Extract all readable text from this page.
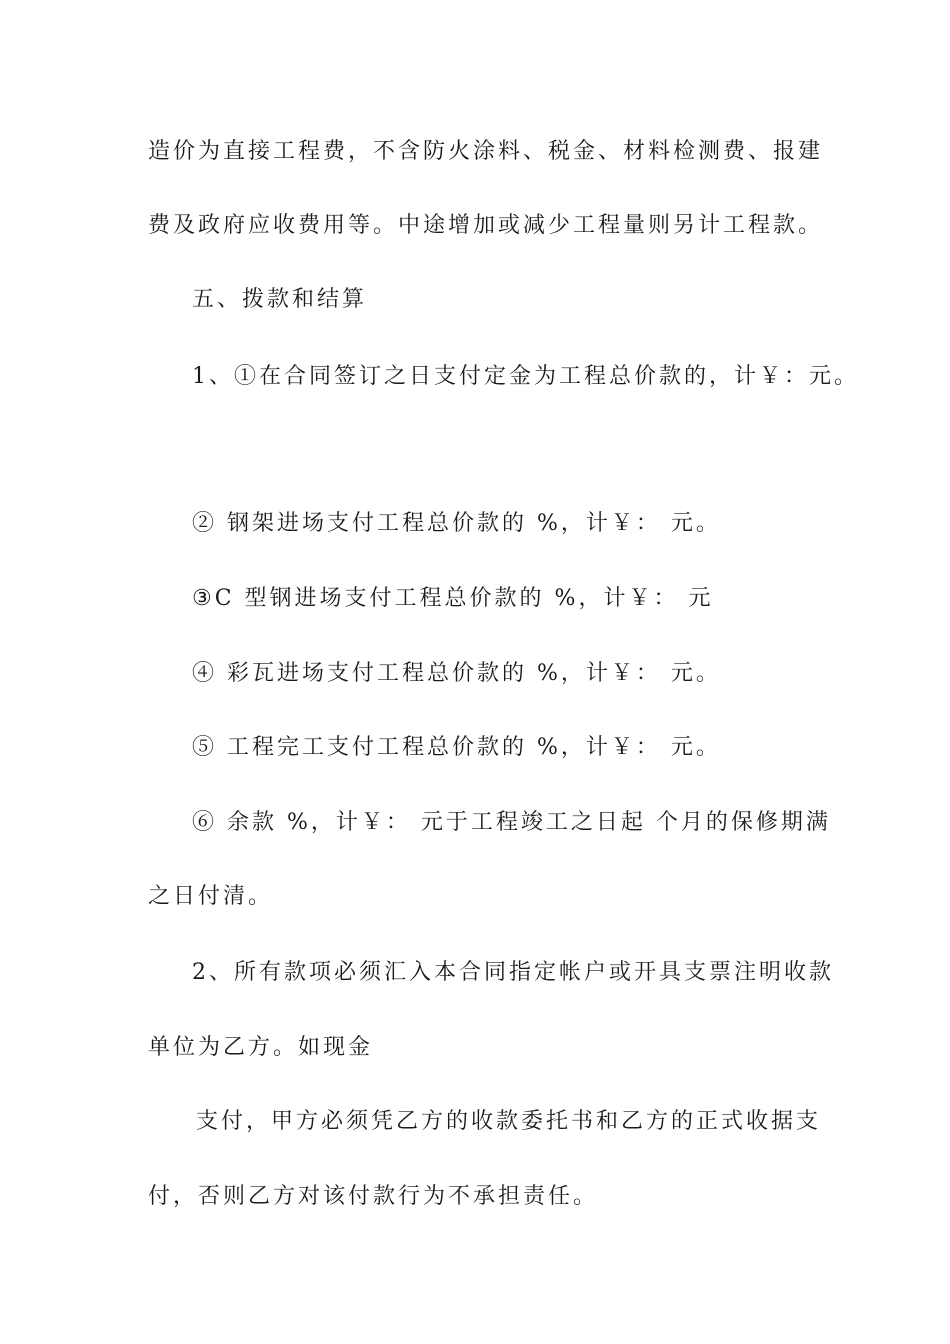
造价为直接工程费，不含防火涂料、税金、材料检测费、报建
费及政府应收费用等。中途增加或减少工程量则另计工程款。
五、拨款和结算
1、①在合同签订之日支付定金为工程总价款的，计￥：元。
② 钢架进场支付工程总价款的 %，计￥： 元。
③C 型钢进场支付工程总价款的 %，计￥： 元
④ 彩瓦进场支付工程总价款的 %，计￥： 元。
⑤ 工程完工支付工程总价款的 %，计￥： 元。
⑥ 余款 %，计￥： 元于工程竣工之日起 个月的保修期满
之日付清。
2、所有款项必须汇入本合同指定帐户或开具支票注明收款
单位为乙方。如现金
支付，甲方必须凭乙方的收款委托书和乙方的正式收据支
付，否则乙方对该付款行为不承担责任。
